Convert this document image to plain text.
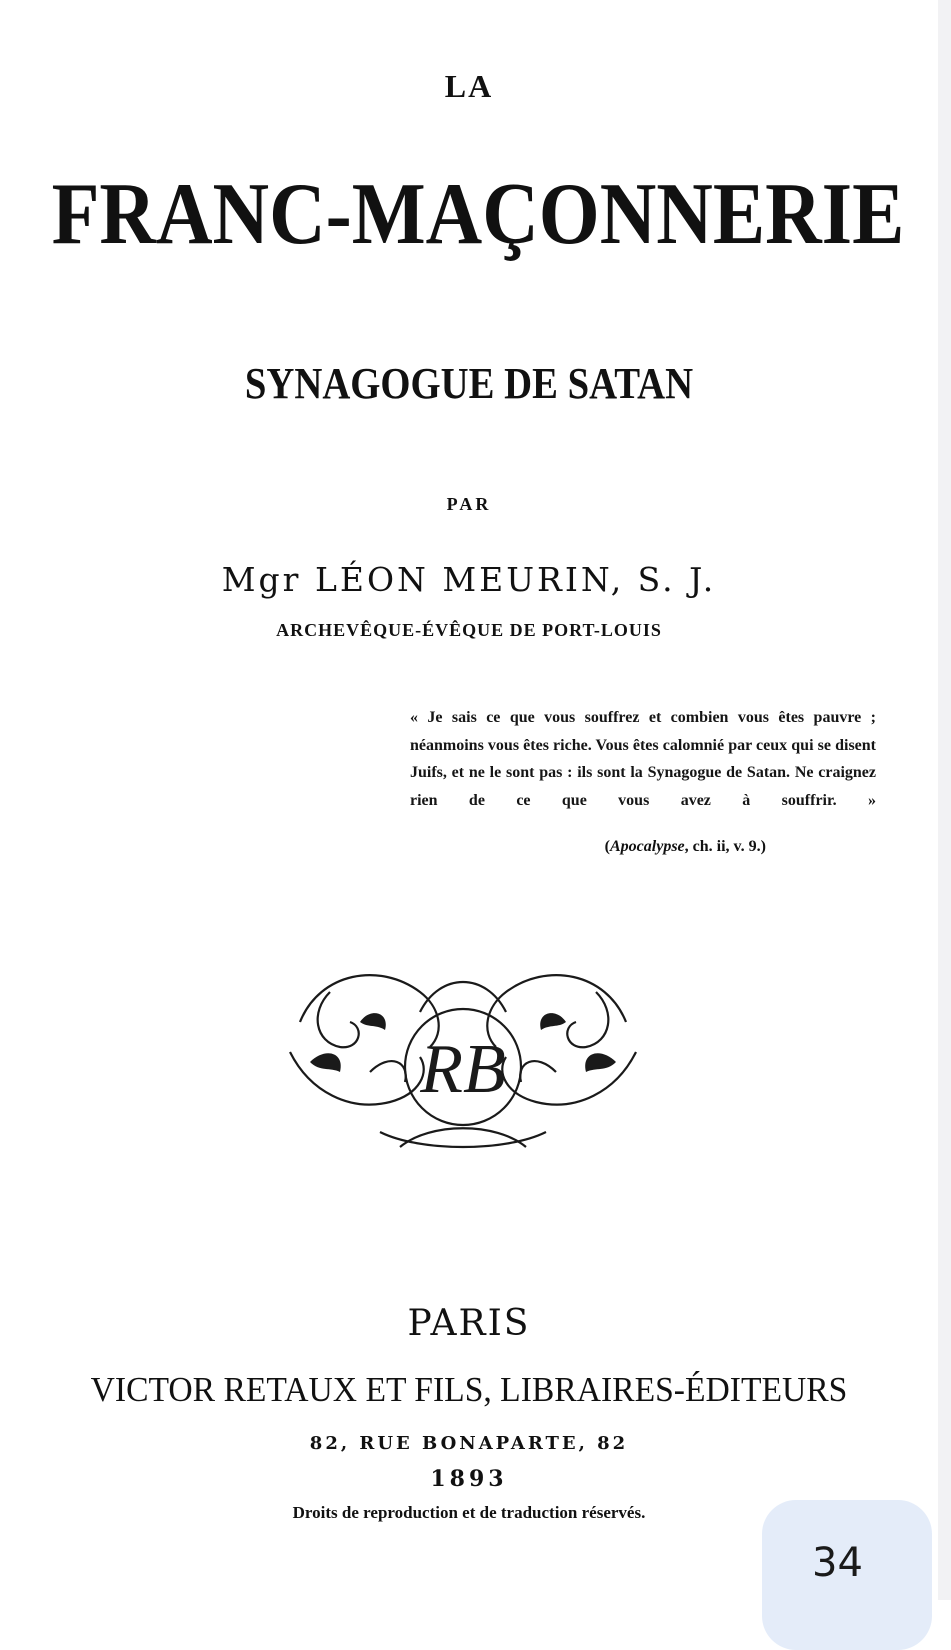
LA
FRANC-MAÇONNERIE
SYNAGOGUE DE SATAN
PAR
Mgr LÉON MEURIN, S. J.
ARCHEVÊQUE-ÉVÊQUE DE PORT-LOUIS
« Je sais ce que vous souffrez et combien vous êtes pauvre ; néanmoins vous êtes riche. Vous êtes calomnié par ceux qui se disent Juifs, et ne le sont pas : ils sont la Synagogue de Satan. Ne craignez rien de ce que vous avez à souffrir. »
(Apocalypse, ch. ii, v. 9.)
RB
PARIS
VICTOR RETAUX ET FILS, LIBRAIRES-ÉDITEURS
82, RUE BONAPARTE, 82
1893
Droits de reproduction et de traduction réservés.
34
